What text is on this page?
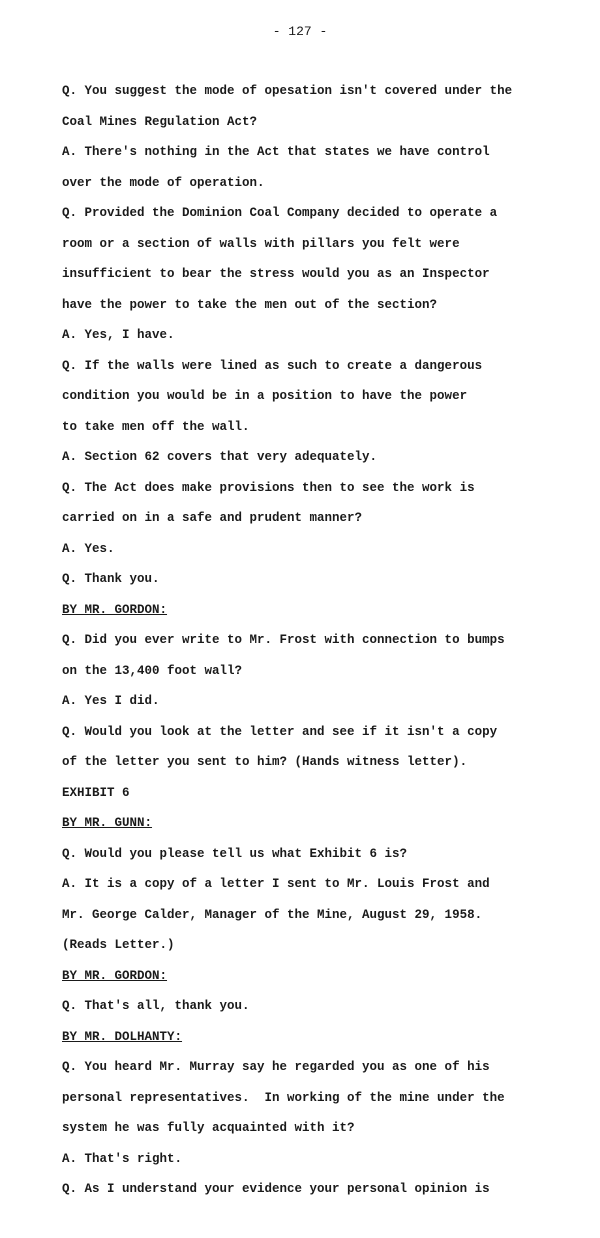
- 127 -
Q. You suggest the mode of opesation isn't covered under the
Coal Mines Regulation Act?
A. There's nothing in the Act that states we have control
over the mode of operation.
Q. Provided the Dominion Coal Company decided to operate a
room or a section of walls with pillars you felt were
insufficient to bear the stress would you as an Inspector
have the power to take the men out of the section?
A. Yes, I have.
Q. If the walls were lined as such to create a dangerous
condition you would be in a position to have the power
to take men off the wall.
A. Section 62 covers that very adequately.
Q. The Act does make provisions then to see the work is
carried on in a safe and prudent manner?
A. Yes.
Q. Thank you.
BY MR. GORDON:
Q. Did you ever write to Mr. Frost with connection to bumps
on the 13,400 foot wall?
A. Yes I did.
Q. Would you look at the letter and see if it isn't a copy
of the letter you sent to him? (Hands witness letter).
EXHIBIT 6
BY MR. GUNN:
Q. Would you please tell us what Exhibit 6 is?
A. It is a copy of a letter I sent to Mr. Louis Frost and
Mr. George Calder, Manager of the Mine, August 29, 1958.
(Reads Letter.)
BY MR. GORDON:
Q. That's all, thank you.
BY MR. DOLHANTY:
Q. You heard Mr. Murray say he regarded you as one of his
personal representatives.  In working of the mine under the
system he was fully acquainted with it?
A. That's right.
Q. As I understand your evidence your personal opinion is
